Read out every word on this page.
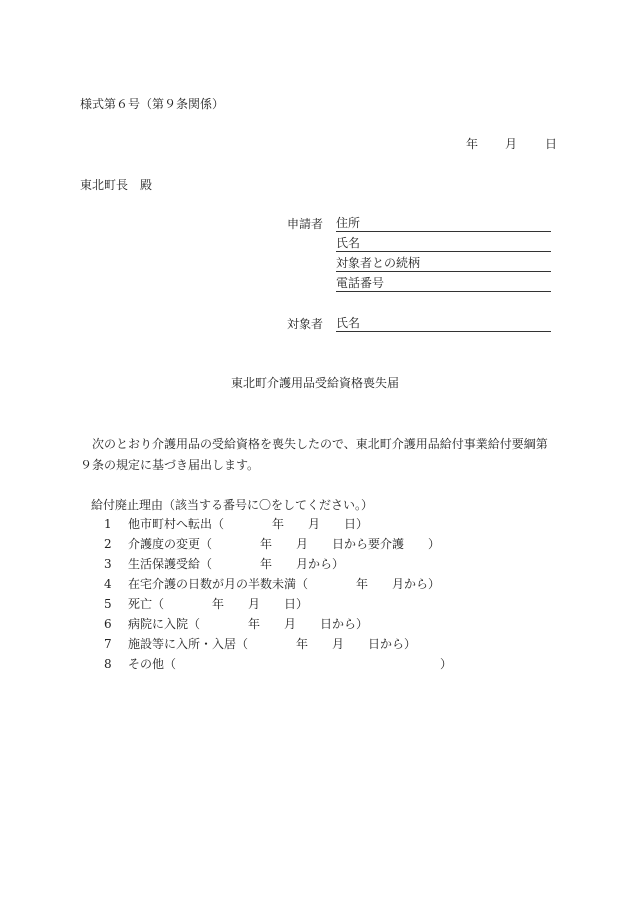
様式第６号（第９条関係）
年 月 日
東北町長　殿
申請者 住所
氏名
対象者との続柄
電話番号
対象者 氏名
東北町介護用品受給資格喪失届
次のとおり介護用品の受給資格を喪失したので、東北町介護用品給付事業給付要綱第９条の規定に基づき届出します。
給付廃止理由（該当する番号に〇をしてください。）
1 他市町村へ転出（　　　　年　　月　　日）
2 介護度の変更（　　　　年　　月　　日から要介護　　）
3 生活保護受給（　　　　年　　月から）
4 在宅介護の日数が月の半数未満（　　　　年　　月から）
5 死亡（　　　　年　　月　　日）
6 病院に入院（　　　　年　　月　　日から）
7 施設等に入所・入居（　　　　年　　月　　日から）
8 その他（　　　　　　　　　　　　　　　　　　　　　　）
